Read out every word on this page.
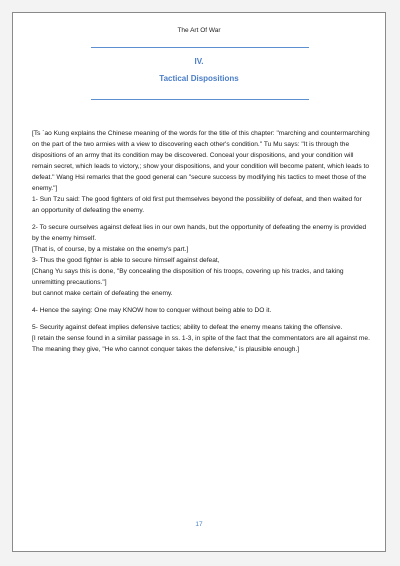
The Art Of War
IV.
Tactical Dispositions

[Ts `ao Kung explains the Chinese meaning of the words for the title of this chapter: "marching and countermarching on the part of the two armies with a view to discovering each other's condition." Tu Mu says: "It is through the dispositions of an army that its condition may be discovered. Conceal your dispositions, and your condition will remain secret, which leads to victory,; show your dispositions, and your condition will become patent, which leads to defeat." Wang Hsi remarks that the good general can "secure success by modifying his tactics to meet those of the enemy."]

1- Sun Tzu said: The good fighters of old first put themselves beyond the possibility of defeat, and then waited for an opportunity of defeating the enemy.

2- To secure ourselves against defeat lies in our own hands, but the opportunity of defeating the enemy is provided by the enemy himself.

[That is, of course, by a mistake on the enemy's part.]

3- Thus the good fighter is able to secure himself against defeat,

[Chang Yu says this is done, "By concealing the disposition of his troops, covering up his tracks, and taking unremitting precautions."]

but cannot make certain of defeating the enemy.

4- Hence the saying: One may KNOW how to conquer without being able to DO it.

5- Security against defeat implies defensive tactics; ability to defeat the enemy means taking the offensive.

[I retain the sense found in a similar passage in ss. 1-3, in spite of the fact that the commentators are all against me. The meaning they give, "He who cannot conquer takes the defensive," is plausible enough.]

17
